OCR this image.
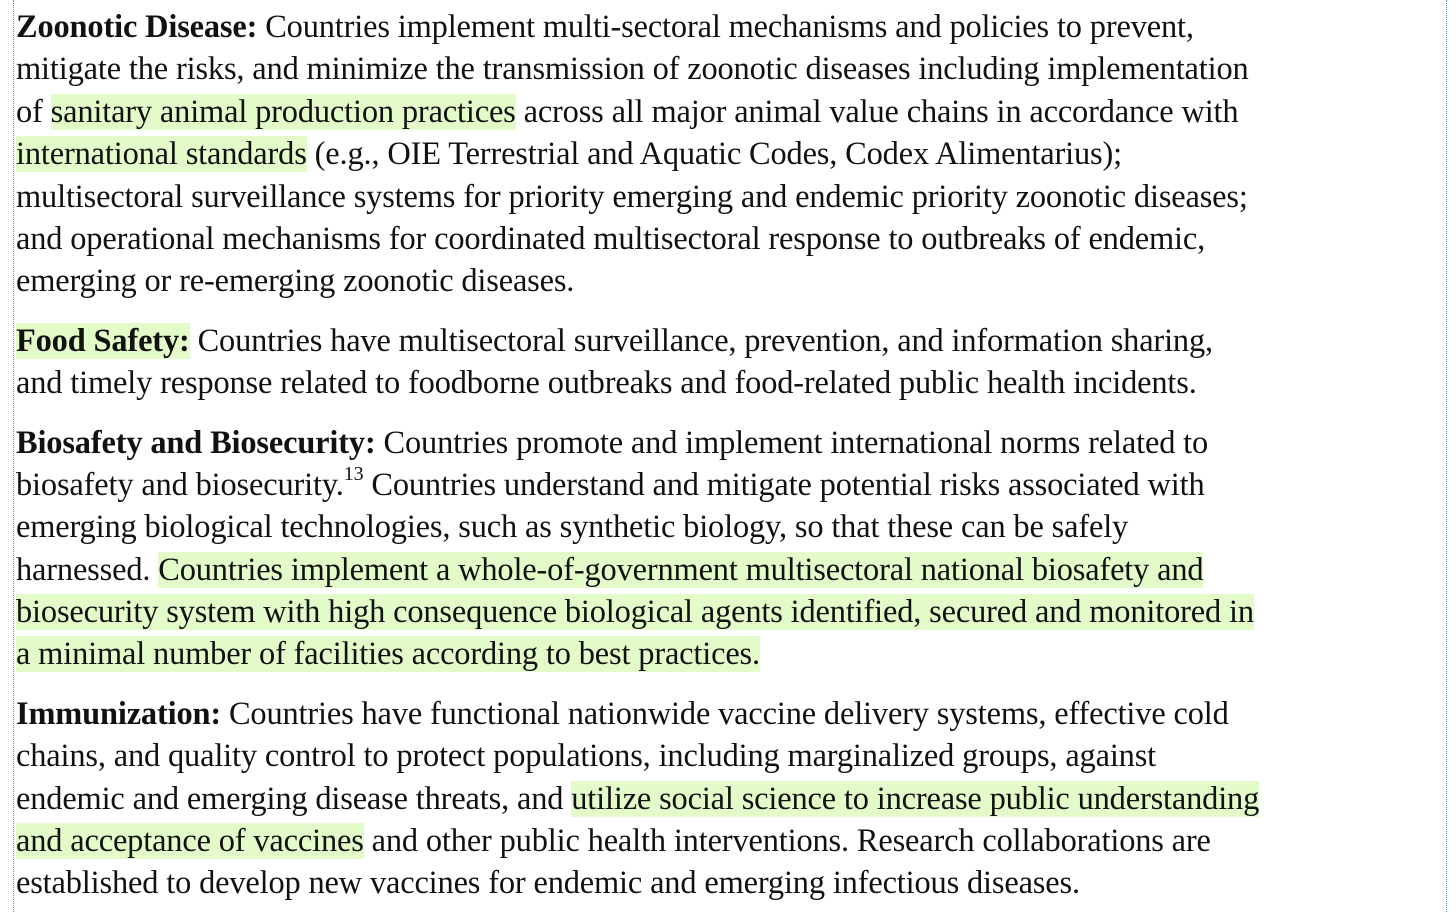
Zoonotic Disease: Countries implement multi-sectoral mechanisms and policies to prevent,
mitigate the risks, and minimize the transmission of zoonotic diseases including implementation
of sanitary animal production practices across all major animal value chains in accordance with
international standards (e.g., OIE Terrestrial and Aquatic Codes, Codex Alimentarius);
multisectoral surveillance systems for priority emerging and endemic priority zoonotic diseases;
and operational mechanisms for coordinated multisectoral response to outbreaks of endemic,
emerging or re-emerging zoonotic diseases.
Food Safety: Countries have multisectoral surveillance, prevention, and information sharing,
and timely response related to foodborne outbreaks and food-related public health incidents.
Biosafety and Biosecurity: Countries promote and implement international norms related to
biosafety and biosecurity.$^{13}$ Countries understand and mitigate potential risks associated with
emerging biological technologies, such as synthetic biology, so that these can be safely
harnessed. Countries implement a whole-of-government multisectoral national biosafety and
biosecurity system with high consequence biological agents identified, secured and monitored in
a minimal number of facilities according to best practices.
Immunization: Countries have functional nationwide vaccine delivery systems, effective cold
chains, and quality control to protect populations, including marginalized groups, against
endemic and emerging disease threats, and utilize social science to increase public understanding
and acceptance of vaccines and other public health interventions. Research collaborations are
established to develop new vaccines for endemic and emerging infectious diseases.
